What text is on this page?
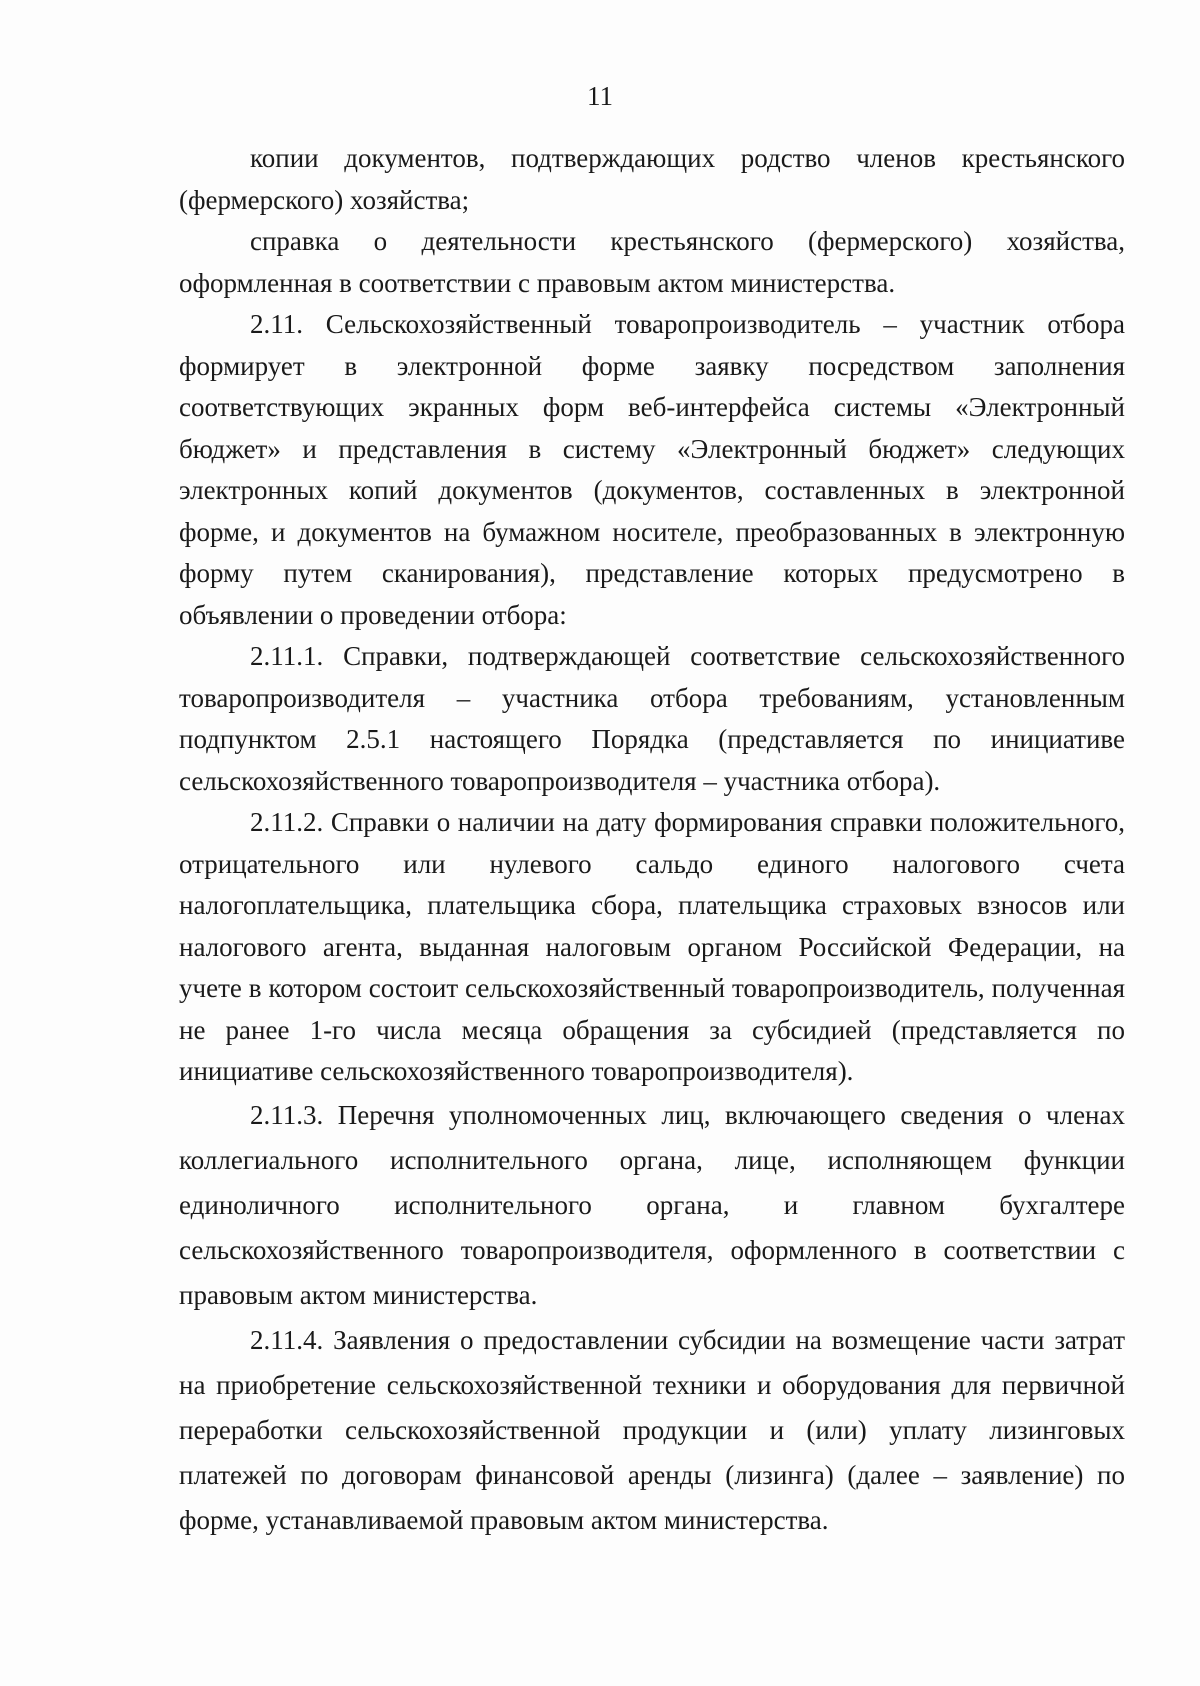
11

копии документов, подтверждающих родство членов крестьянского (фермерского) хозяйства;

справка о деятельности крестьянского (фермерского) хозяйства, оформленная в соответствии с правовым актом министерства.

2.11. Сельскохозяйственный товаропроизводитель – участник отбора формирует в электронной форме заявку посредством заполнения соответствующих экранных форм веб-интерфейса системы «Электронный бюджет» и представления в систему «Электронный бюджет» следующих электронных копий документов (документов, составленных в электронной форме, и документов на бумажном носителе, преобразованных в электронную форму путем сканирования), представление которых предусмотрено в объявлении о проведении отбора:

2.11.1. Справки, подтверждающей соответствие сельскохозяйственного товаропроизводителя – участника отбора требованиям, установленным подпунктом 2.5.1 настоящего Порядка (представляется по инициативе сельскохозяйственного товаропроизводителя – участника отбора).

2.11.2. Справки о наличии на дату формирования справки положительного, отрицательного или нулевого сальдо единого налогового счета налогоплательщика, плательщика сбора, плательщика страховых взносов или налогового агента, выданная налоговым органом Российской Федерации, на учете в котором состоит сельскохозяйственный товаропроизводитель, полученная не ранее 1-го числа месяца обращения за субсидией (представляется по инициативе сельскохозяйственного товаропроизводителя).

2.11.3. Перечня уполномоченных лиц, включающего сведения о членах коллегиального исполнительного органа, лице, исполняющем функции единоличного исполнительного органа, и главном бухгалтере сельскохозяйственного товаропроизводителя, оформленного в соответствии с правовым актом министерства.

2.11.4. Заявления о предоставлении субсидии на возмещение части затрат на приобретение сельскохозяйственной техники и оборудования для первичной переработки сельскохозяйственной продукции и (или) уплату лизинговых платежей по договорам финансовой аренды (лизинга) (далее – заявление) по форме, устанавливаемой правовым актом министерства.
